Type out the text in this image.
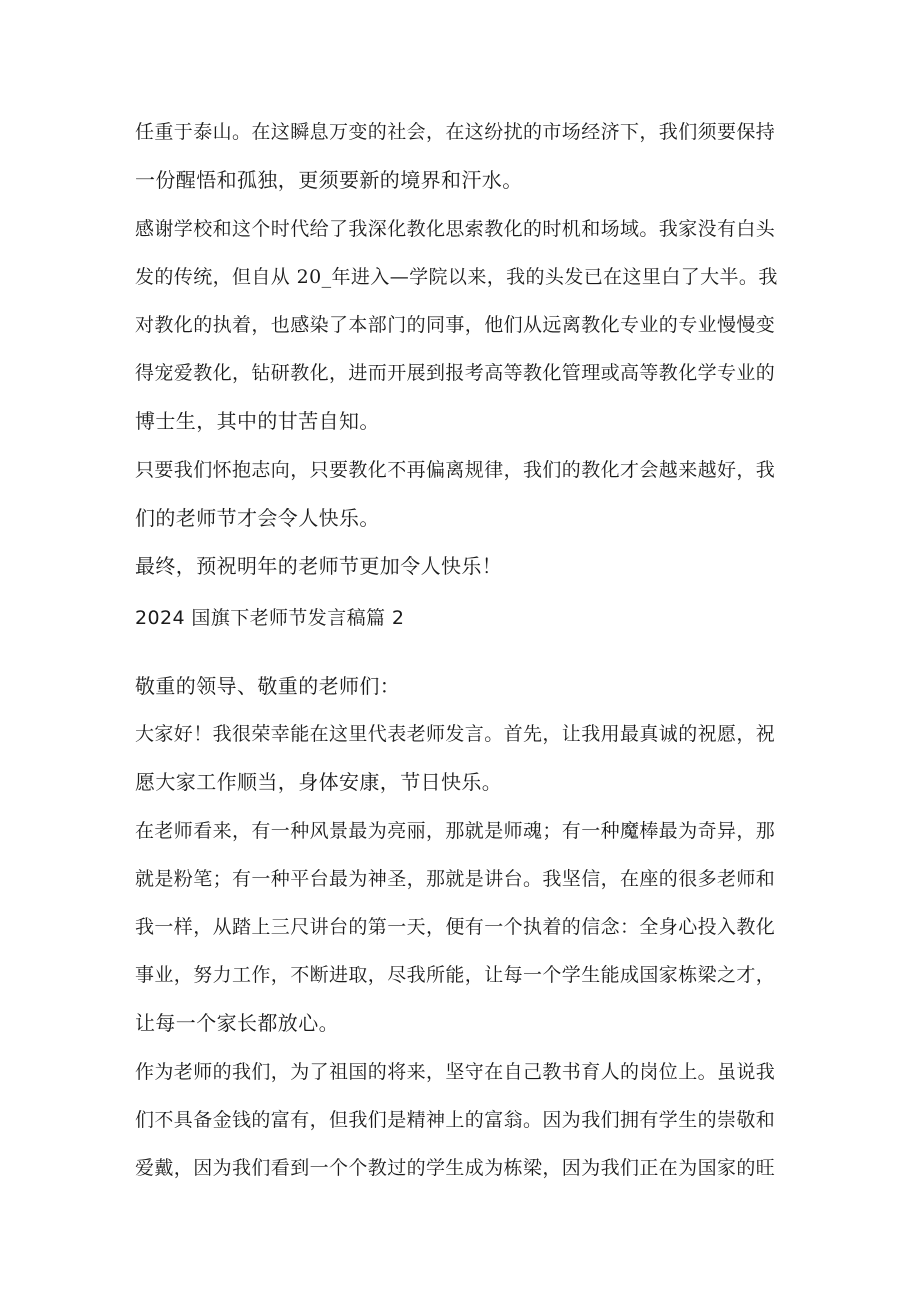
任重于泰山。在这瞬息万变的社会，在这纷扰的市场经济下，我们须要保持
一份醒悟和孤独，更须要新的境界和汗水。
感谢学校和这个时代给了我深化教化思索教化的时机和场域。我家没有白头
发的传统，但自从 20_年进入—学院以来，我的头发已在这里白了大半。我
对教化的执着，也感染了本部门的同事，他们从远离教化专业的专业慢慢变
得宠爱教化，钻研教化，进而开展到报考高等教化管理或高等教化学专业的
博士生，其中的甘苦自知。
只要我们怀抱志向，只要教化不再偏离规律，我们的教化才会越来越好，我
们的老师节才会令人快乐。
最终，预祝明年的老师节更加令人快乐！
2024 国旗下老师节发言稿篇 2
敬重的领导、敬重的老师们：
大家好！我很荣幸能在这里代表老师发言。首先，让我用最真诚的祝愿，祝
愿大家工作顺当，身体安康，节日快乐。
在老师看来，有一种风景最为亮丽，那就是师魂；有一种魔棒最为奇异，那
就是粉笔；有一种平台最为神圣，那就是讲台。我坚信，在座的很多老师和
我一样，从踏上三尺讲台的第一天，便有一个执着的信念：全身心投入教化
事业，努力工作，不断进取，尽我所能，让每一个学生能成国家栋梁之才，
让每一个家长都放心。
作为老师的我们，为了祖国的将来，坚守在自己教书育人的岗位上。虽说我
们不具备金钱的富有，但我们是精神上的富翁。因为我们拥有学生的崇敬和
爱戴，因为我们看到一个个教过的学生成为栋梁，因为我们正在为国家的旺
